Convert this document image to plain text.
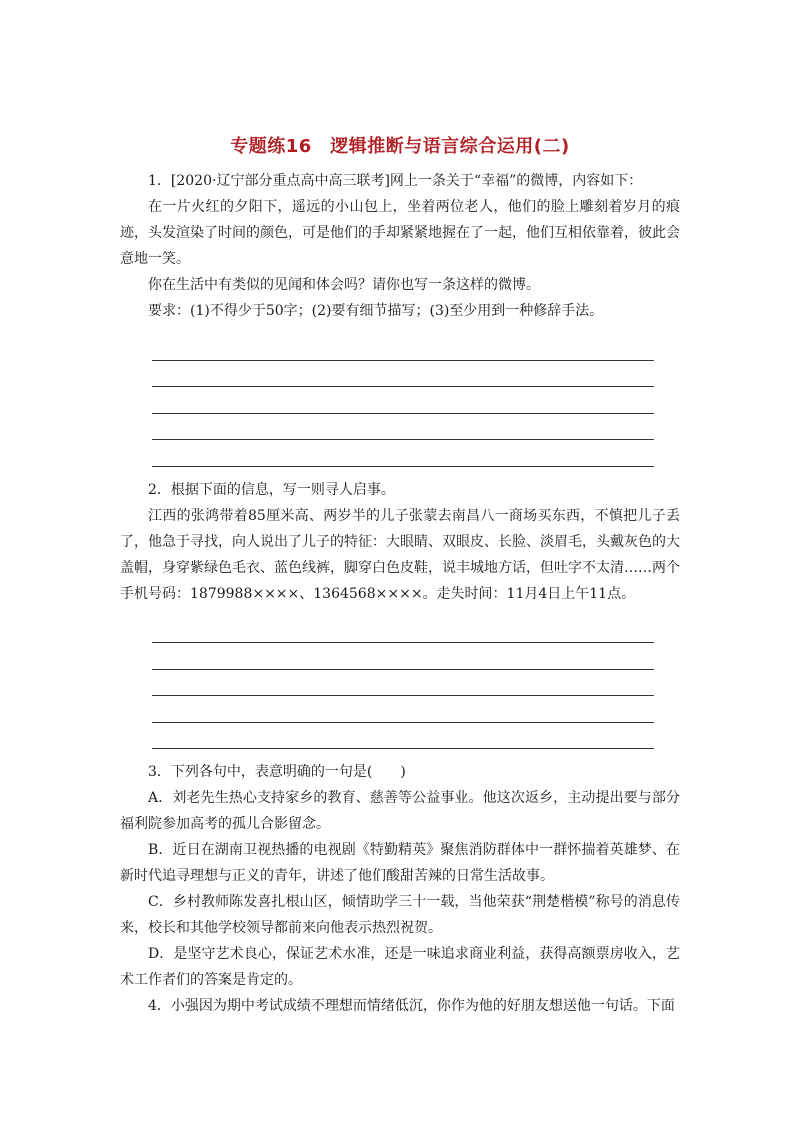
专题练16　逻辑推断与语言综合运用(二)

1．[2020·辽宁部分重点高中高三联考]网上一条关于“幸福”的微博，内容如下：

在一片火红的夕阳下，遥远的小山包上，坐着两位老人，他们的脸上雕刻着岁月的痕迹，头发渲染了时间的颜色，可是他们的手却紧紧地握在了一起，他们互相依靠着，彼此会意地一笑。

你在生活中有类似的见闻和体会吗？请你也写一条这样的微博。

要求：(1)不得少于50字；(2)要有细节描写；(3)至少用到一种修辞手法。

2．根据下面的信息，写一则寻人启事。

江西的张鸿带着85厘米高、两岁半的儿子张蒙去南昌八一商场买东西，不慎把儿子丢了，他急于寻找，向人说出了儿子的特征：大眼睛、双眼皮、长脸、淡眉毛，头戴灰色的大盖帽，身穿紫绿色毛衣、蓝色线裤，脚穿白色皮鞋，说丰城地方话，但吐字不太清……两个手机号码：1879988××××、1364568××××。走失时间：11月4日上午11点。

3．下列各句中，表意明确的一句是(　　)

A．刘老先生热心支持家乡的教育、慈善等公益事业。他这次返乡，主动提出要与部分福利院参加高考的孤儿合影留念。

B．近日在湖南卫视热播的电视剧《特勤精英》聚焦消防群体中一群怀揣着英雄梦、在新时代追寻理想与正义的青年，讲述了他们酸甜苦辣的日常生活故事。

C．乡村教师陈发喜扎根山区，倾情助学三十一载，当他荣获“荆楚楷模”称号的消息传来，校长和其他学校领导都前来向他表示热烈祝贺。

D．是坚守艺术良心，保证艺术水准，还是一味追求商业利益，获得高额票房收入，艺术工作者们的答案是肯定的。

4．小强因为期中考试成绩不理想而情绪低沉，你作为他的好朋友想送他一句话。下面
